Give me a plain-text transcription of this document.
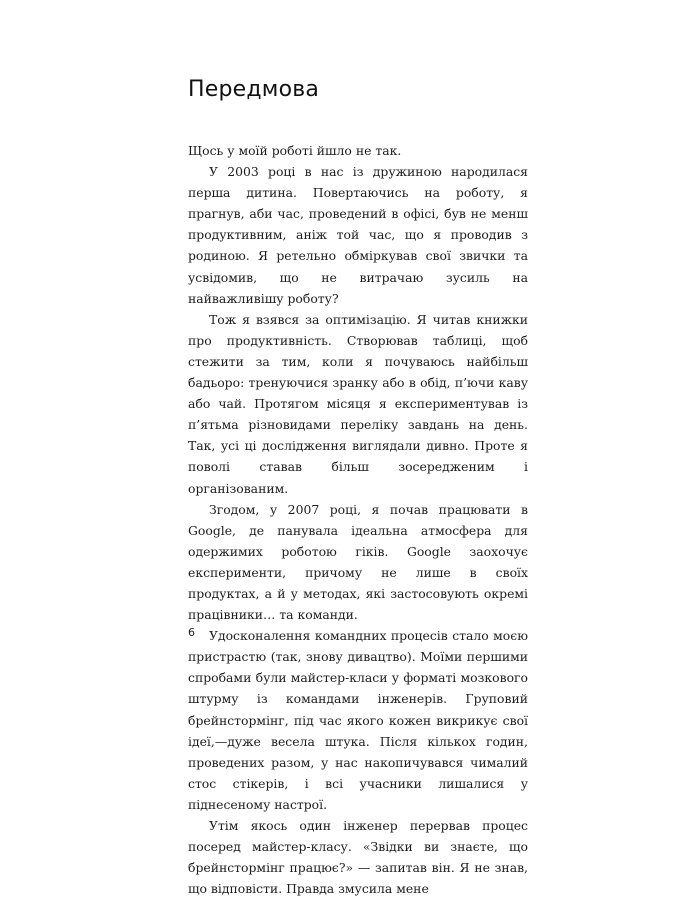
Передмова

Щось у моїй роботі йшло не так.

У 2003 році в нас із дружиною народилася перша дитина. Повертаючись на роботу, я прагнув, аби час, проведений в офісі, був не менш продуктивним, аніж той час, що я проводив з родиною. Я ретельно обміркував свої звички та усвідомив, що не витрачаю зусиль на найважливішу роботу?

Тож я взявся за оптимізацію. Я читав книжки про продуктивність. Створював таблиці, щоб стежити за тим, коли я почуваюсь найбільш бадьоро: тренуючися зранку або в обід, п’ючи каву або чай. Протягом місяця я експериментував із п’ятьма різновидами переліку завдань на день. Так, усі ці дослідження виглядали дивно. Проте я поволі ставав більш зосередженим і організованим.

Згодом, у 2007 році, я почав працювати в Google, де панувала ідеальна атмосфера для одержимих роботою гіків. Google заохочує експерименти, причому не лише в своїх продуктах, а й у методах, які застосовують окремі працівники… та команди.

Удосконалення командних процесів стало моєю пристрастю (так, знову дивацтво). Моїми першими спробами були майстер-класи у форматі мозкового штурму із командами інженерів. Груповий брейнстормінг, під час якого кожен викрикує свої ідеї,—дуже весела штука. Після кількох годин, проведених разом, у нас накопичувався чималий стос стікерів, і всі учасники лишалися у піднесеному настрої.

Утім якось один інженер перервав процес посеред майстер-класу. «Звідки ви знаєте, що брейнстормінг працює?» — запитав він. Я не знав, що відповісти. Правда змусила мене

6
